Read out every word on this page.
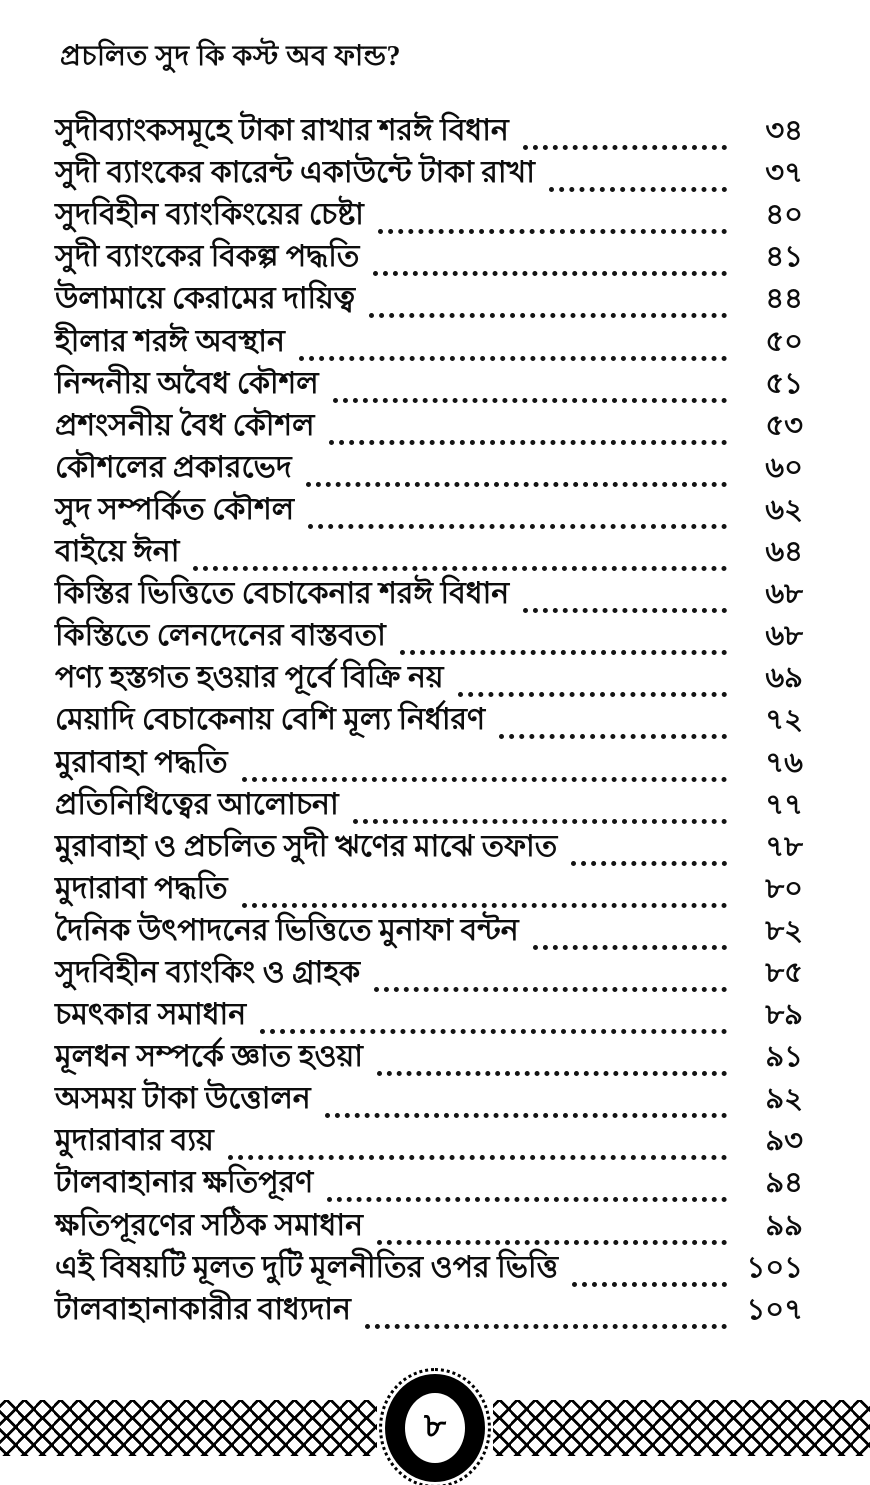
প্রচলিত সুদ কি কস্ট অব ফান্ড?
সুদীব্যাংকসমূহে টাকা রাখার শরঈ বিধান	৩৪
সুদী ব্যাংকের কারেন্ট একাউন্টে টাকা রাখা	৩৭
সুদবিহীন ব্যাংকিংয়ের চেষ্টা	৪০
সুদী ব্যাংকের বিকল্প পদ্ধতি	৪১
উলামায়ে কেরামের দায়িত্ব	৪৪
হীলার শরঈ অবস্থান	৫০
নিন্দনীয় অবৈধ কৌশল	৫১
প্রশংসনীয় বৈধ কৌশল	৫৩
কৌশলের প্রকারভেদ	৬০
সুদ সম্পর্কিত কৌশল	৬২
বাইয়ে ঈনা	৬৪
কিস্তির ভিত্তিতে বেচাকেনার শরঈ বিধান	৬৮
কিস্তিতে লেনদেনের বাস্তবতা	৬৮
পণ্য হস্তগত হওয়ার পূর্বে বিক্রি নয়	৬৯
মেয়াদি বেচাকেনায় বেশি মূল্য নির্ধারণ	৭২
মুরাবাহা পদ্ধতি	৭৬
প্রতিনিধিত্বের আলোচনা	৭৭
মুরাবাহা ও প্রচলিত সুদী ঋণের মাঝে তফাত	৭৮
মুদারাবা পদ্ধতি	৮০
দৈনিক উৎপাদনের ভিত্তিতে মুনাফা বন্টন	৮২
সুদবিহীন ব্যাংকিং ও গ্রাহক	৮৫
চমৎকার সমাধান	৮৯
মূলধন সম্পর্কে জ্ঞাত হওয়া	৯১
অসময় টাকা উত্তোলন	৯২
মুদারাবার ব্যয়	৯৩
টালবাহানার ক্ষতিপূরণ	৯৪
ক্ষতিপূরণের সঠিক সমাধান	৯৯
এই বিষয়টি মূলত দুটি মূলনীতির ওপর ভিত্তি	১০১
টালবাহানাকারীর বাধ্যদান	১০৭
৮
